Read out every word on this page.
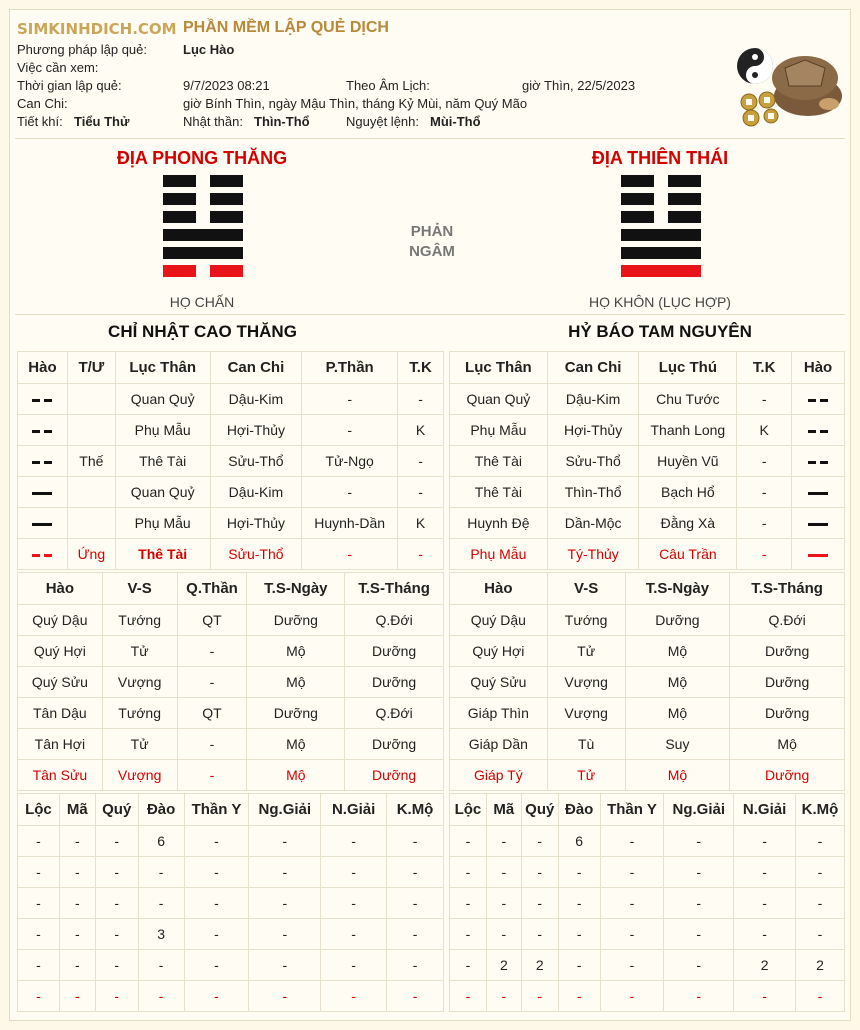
SIMKINHDICH.COM PHẦN MỀM LẬP QUẺ DỊCH
Phương pháp lập quẻ:	Lục Hào
Việc cần xem:
Thời gian lập quẻ:	9/7/2023 08:21	Theo Âm Lịch:	giờ Thìn, 22/5/2023
Can Chi:	giờ Bính Thìn, ngày Mậu Thìn, tháng Kỷ Mùi, năm Quý Mão
Tiết khí: Tiểu Thử	Nhật thần: Thìn-Thổ	Nguyệt lệnh: Mùi-Thổ
ĐỊA PHONG THĂNG	ĐỊA THIÊN THÁI
PHẢN
NGÂM
HỌ CHẤN	HỌ KHÔN (LỤC HỢP)
CHỈ NHẬT CAO THĂNG	HỶ BÁO TAM NGUYÊN
Hào	T/Ư	Lục Thân	Can Chi	P.Thần	T.K
		Quan Quỷ	Dậu-Kim	-	-
		Phụ Mẫu	Hợi-Thủy	-	K
	Thế	Thê Tài	Sửu-Thổ	Tử-Ngọ	-
		Quan Quỷ	Dậu-Kim	-	-
		Phụ Mẫu	Hợi-Thủy	Huynh-Dần	K
	Ứng	Thê Tài	Sửu-Thổ	-	-
Lục Thân	Can Chi	Lục Thú	T.K	Hào
Quan Quỷ	Dậu-Kim	Chu Tước	-	
Phụ Mẫu	Hợi-Thủy	Thanh Long	K	
Thê Tài	Sửu-Thổ	Huyền Vũ	-	
Thê Tài	Thìn-Thổ	Bạch Hổ	-	
Huynh Đệ	Dần-Mộc	Đằng Xà	-	
Phụ Mẫu	Tý-Thủy	Câu Trần	-	
Hào	V-S	Q.Thần	T.S-Ngày	T.S-Tháng
Quý Dậu	Tướng	QT	Dưỡng	Q.Đới
Quý Hợi	Tử	-	Mộ	Dưỡng
Quý Sửu	Vượng	-	Mộ	Dưỡng
Tân Dậu	Tướng	QT	Dưỡng	Q.Đới
Tân Hợi	Tử	-	Mộ	Dưỡng
Tân Sửu	Vượng	-	Mộ	Dưỡng
Hào	V-S	T.S-Ngày	T.S-Tháng
Quý Dậu	Tướng	Dưỡng	Q.Đới
Quý Hợi	Tử	Mộ	Dưỡng
Quý Sửu	Vượng	Mộ	Dưỡng
Giáp Thìn	Vượng	Mộ	Dưỡng
Giáp Dần	Tù	Suy	Mộ
Giáp Tý	Tử	Mộ	Dưỡng
Lộc	Mã	Quý	Đào	Thần Y	Ng.Giải	N.Giải	K.Mộ
-	-	-	6	-	-	-	-
-	-	-	-	-	-	-	-
-	-	-	-	-	-	-	-
-	-	-	3	-	-	-	-
-	-	-	-	-	-	-	-
-	-	-	-	-	-	-	-
Lộc	Mã	Quý	Đào	Thần Y	Ng.Giải	N.Giải	K.Mộ
-	-	-	6	-	-	-	-
-	-	-	-	-	-	-	-
-	-	-	-	-	-	-	-
-	-	-	-	-	-	-	-
-	2	2	-	-	-	2	2
-	-	-	-	-	-	-	-
